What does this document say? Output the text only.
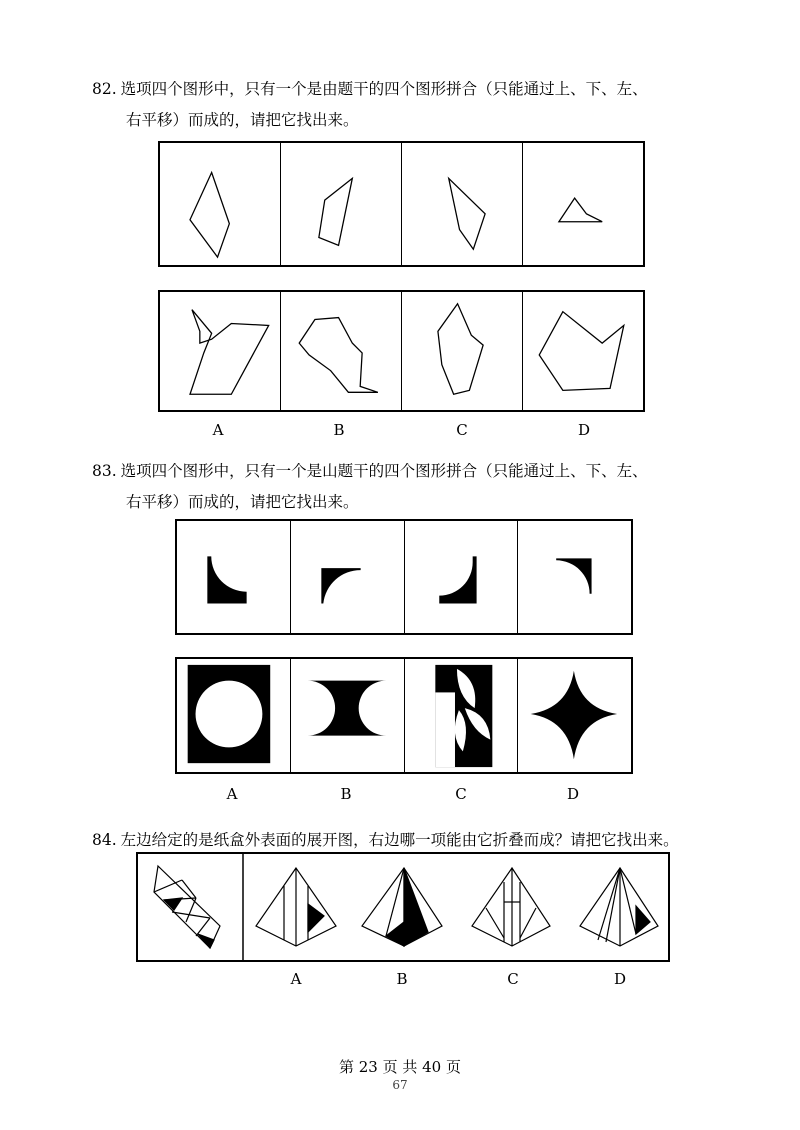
82. 选项四个图形中，只有一个是由题干的四个图形拼合（只能通过上、下、左、
右平移）而成的，请把它找出来。

A	B	C	D

83. 选项四个图形中，只有一个是山题干的四个图形拼合（只能通过上、下、左、
右平移）而成的，请把它找出来。

A	B	C	D

84. 左边给定的是纸盒外表面的展开图，右边哪一项能由它折叠而成？请把它找出来。

A	B	C	D
第 23 页 共 40 页
67
